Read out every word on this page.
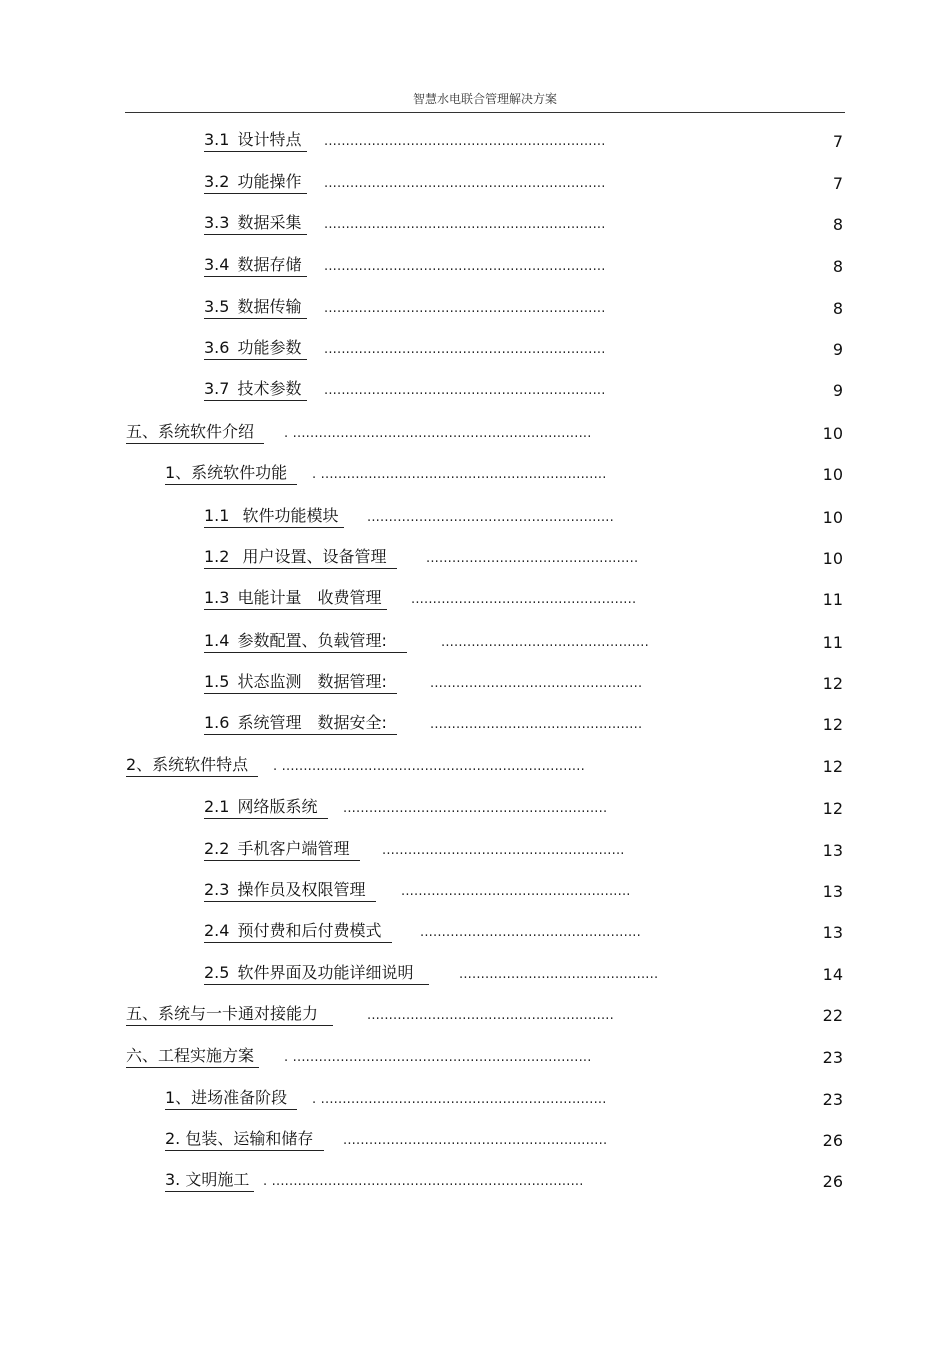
智慧水电联合管理解决方案
3.1 设计特点	.................................................................	7
3.2 功能操作	.................................................................	7
3.3 数据采集	.................................................................	8
3.4 数据存储	.................................................................	8
3.5 数据传输	.................................................................	8
3.6 功能参数	.................................................................	9
3.7 技术参数	.................................................................	9
五、系统软件介绍	. .....................................................................	10
1、系统软件功能	. ..................................................................	10
1.1 软件功能模块	.........................................................	10
1.2 用户设置、设备管理	.................................................	10
1.3 电能计量　收费管理	....................................................	11
1.4 参数配置、负载管理:	................................................	11
1.5 状态监测　数据管理:	.................................................	12
1.6 系统管理　数据安全:	.................................................	12
2、系统软件特点	. ......................................................................	12
2.1 网络版系统	.............................................................	12
2.2 手机客户端管理	........................................................	13
2.3 操作员及权限管理	.....................................................	13
2.4 预付费和后付费模式	...................................................	13
2.5 软件界面及功能详细说明	..............................................	14
五、系统与一卡通对接能力	.........................................................	22
六、工程实施方案	. .....................................................................	23
1、进场准备阶段	. ..................................................................	23
2. 包装、运输和储存	.............................................................	26
3. 文明施工	. ........................................................................	26
